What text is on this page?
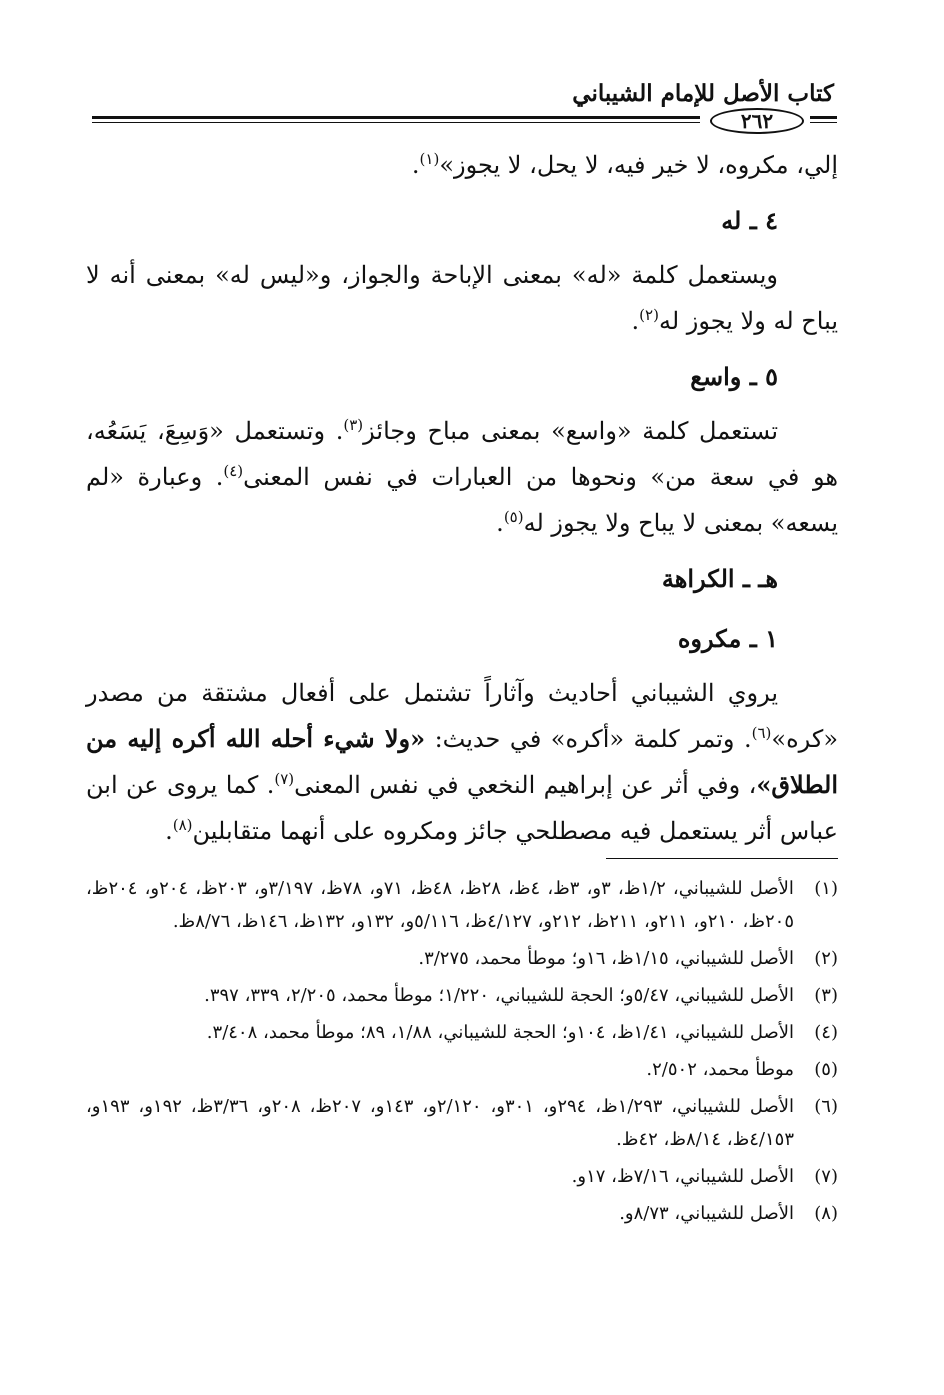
كتاب الأصل للإمام الشيباني
٢٦٢

إلي، مكروه، لا خير فيه، لا يحل، لا يجوز»$^{(١)}$.

٤ ـ له

ويستعمل كلمة «له» بمعنى الإباحة والجواز، و«ليس له» بمعنى أنه لا يباح له ولا يجوز له$^{(٢)}$.

٥ ـ واسع

تستعمل كلمة «واسع» بمعنى مباح وجائز$^{(٣)}$. وتستعمل «وَسِعَ، يَسَعُه، هو في سعة من» ونحوها من العبارات في نفس المعنى$^{(٤)}$. وعبارة «لم يسعه» بمعنى لا يباح ولا يجوز له$^{(٥)}$.

هـ ـ الكراهة
١ ـ مكروه

يروي الشيباني أحاديث وآثاراً تشتمل على أفعال مشتقة من مصدر «كره»$^{(٦)}$. وتمر كلمة «أكره» في حديث: «ولا شيء أحله الله أكره إليه من الطلاق»، وفي أثر عن إبراهيم النخعي في نفس المعنى$^{(٧)}$. كما يروى عن ابن عباس أثر يستعمل فيه مصطلحي جائز ومكروه على أنهما متقابلين$^{(٨)}$.

(١)
الأصل للشيباني، ١/٢ظ، ٣و، ٣ظ، ٤ظ، ٢٨ظ، ٤٨ظ، ٧١و، ٧٨ظ، ٣/١٩٧و، ٢٠٣ظ، ٢٠٤و، ٢٠٤ظ، ٢٠٥ظ، ٢١٠و، ٢١١و، ٢١١ظ، ٢١٢و، ٤/١٢٧ظ، ٥/١١٦و، ١٣٢و، ١٣٢ظ، ١٤٦ظ، ٨/٧٦ظ.
(٢)
الأصل للشيباني، ١/١٥ظ، ١٦و؛ موطأ محمد، ٣/٢٧٥.
(٣)
الأصل للشيباني، ٥/٤٧و؛ الحجة للشيباني، ١/٢٢٠؛ موطأ محمد، ٢/٢٠٥، ٣٣٩، ٣٩٧.
(٤)
الأصل للشيباني، ١/٤١ظ، ١٠٤و؛ الحجة للشيباني، ١/٨٨، ٨٩؛ موطأ محمد، ٣/٤٠٨.
(٥)
موطأ محمد، ٢/٥٠٢.
(٦)
الأصل للشيباني، ١/٢٩٣ظ، ٢٩٤و، ٣٠١و، ٢/١٢٠و، ١٤٣و، ٢٠٧ظ، ٢٠٨و، ٣/٣٦ظ، ١٩٢و، ١٩٣و، ٤/١٥٣ظ، ٨/١٤ظ، ٤٢ظ.
(٧)
الأصل للشيباني، ٧/١٦ظ، ١٧و.
(٨)
الأصل للشيباني، ٨/٧٣و.
